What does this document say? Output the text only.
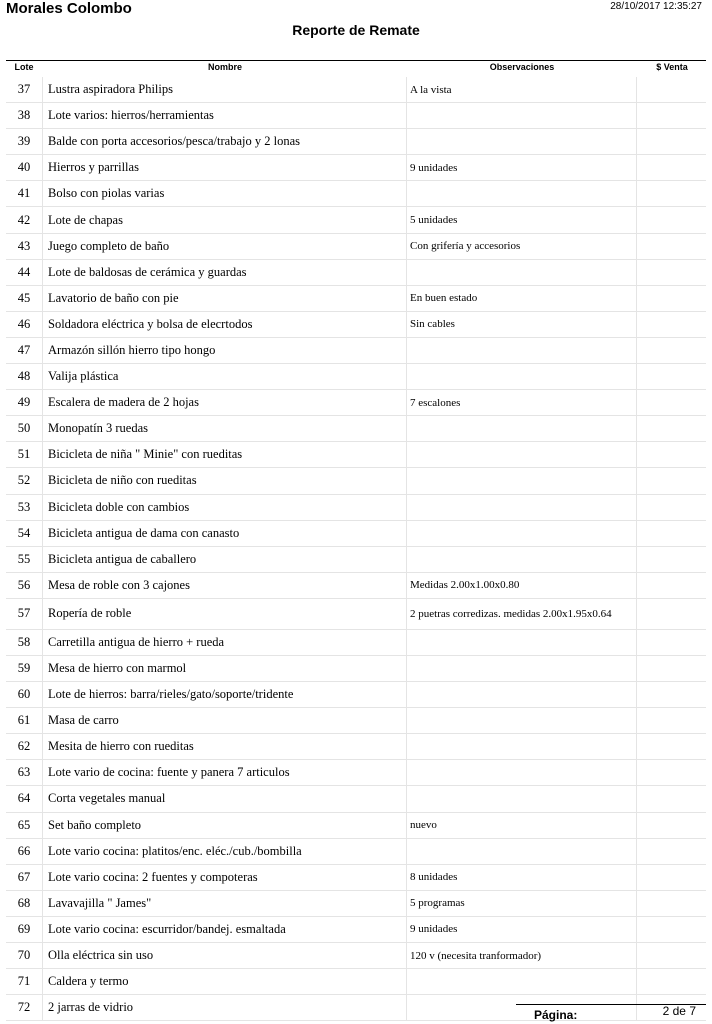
Morales Colombo	28/10/2017 12:35:27
Reporte de Remate
Lote	Nombre	Observaciones	$ Venta
37	Lustra aspiradora Philips	A la vista
38	Lote varios: hierros/herramientas
39	Balde con porta accesorios/pesca/trabajo y 2 lonas
40	Hierros y parrillas	9 unidades
41	Bolso con piolas varias
42	Lote de chapas	5 unidades
43	Juego completo de baño	Con grifería y accesorios
44	Lote de baldosas de cerámica y guardas
45	Lavatorio de baño con pie	En buen estado
46	Soldadora eléctrica y bolsa de elecrtodos	Sin cables
47	Armazón sillón hierro tipo hongo
48	Valija plástica
49	Escalera de madera de 2 hojas	7 escalones
50	Monopatín 3 ruedas
51	Bicicleta de niña " Minie" con rueditas
52	Bicicleta de niño con rueditas
53	Bicicleta doble con cambios
54	Bicicleta antigua de dama con canasto
55	Bicicleta antigua de caballero
56	Mesa de roble con 3 cajones	Medidas 2.00x1.00x0.80
57	Ropería de roble	2 puetras corredizas. medidas 2.00x1.95x0.64
58	Carretilla antigua de hierro + rueda
59	Mesa de hierro con marmol
60	Lote de hierros: barra/rieles/gato/soporte/tridente
61	Masa de carro
62	Mesita de hierro con rueditas
63	Lote vario de cocina: fuente y panera 7 articulos
64	Corta vegetales manual
65	Set baño completo	nuevo
66	Lote vario cocina: platitos/enc. eléc./cub./bombilla
67	Lote vario cocina: 2 fuentes y compoteras	8 unidades
68	Lavavajilla " James"	5 programas
69	Lote vario cocina: escurridor/bandej. esmaltada	9 unidades
70	Olla eléctrica sin uso	120 v (necesita tranformador)
71	Caldera y termo
72	2 jarras de vidrio
Página:	2 de 7
